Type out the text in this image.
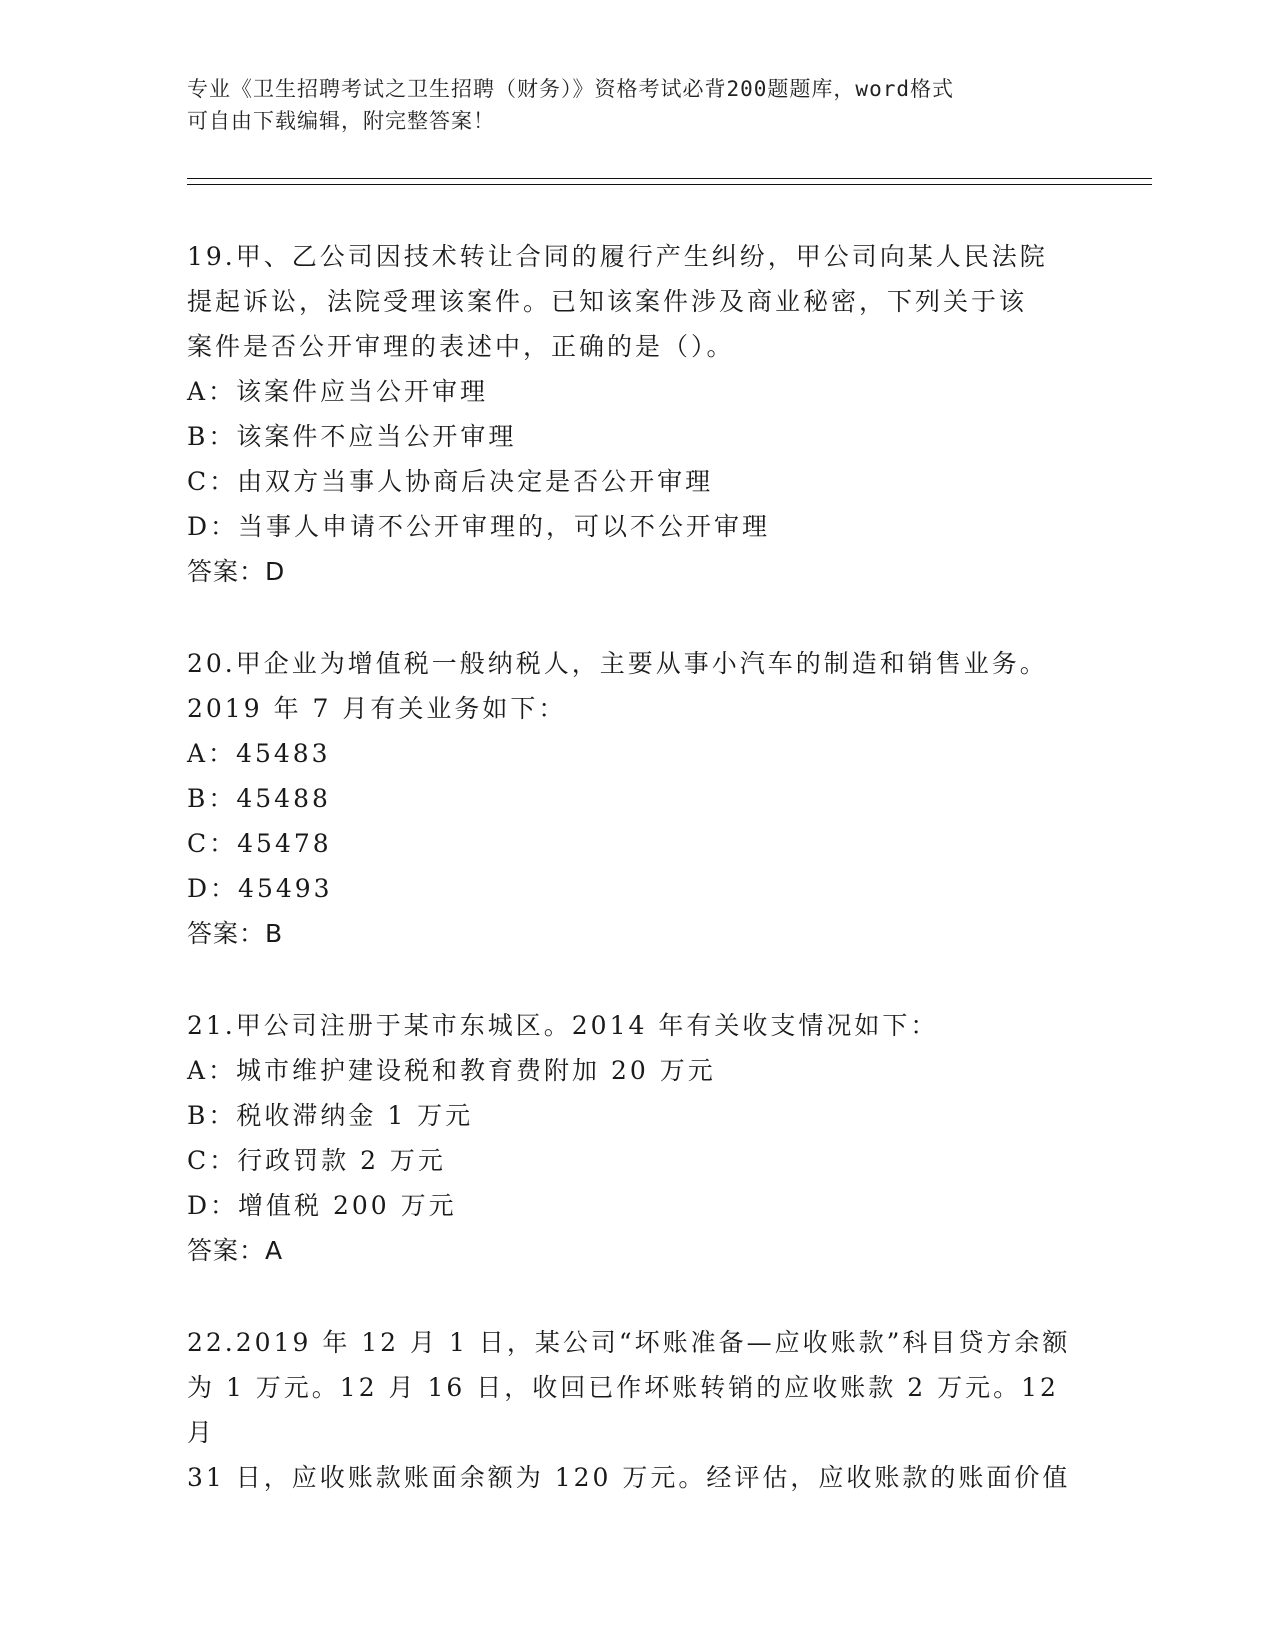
专业《卫生招聘考试之卫生招聘（财务）》资格考试必背200题题库，word格式
可自由下载编辑，附完整答案！
19.甲、乙公司因技术转让合同的履行产生纠纷，甲公司向某人民法院
提起诉讼，法院受理该案件。已知该案件涉及商业秘密，下列关于该
案件是否公开审理的表述中，正确的是（）。
A：该案件应当公开审理
B：该案件不应当公开审理
C：由双方当事人协商后决定是否公开审理
D：当事人申请不公开审理的，可以不公开审理
答案：D
20.甲企业为增值税一般纳税人，主要从事小汽车的制造和销售业务。
2019 年 7 月有关业务如下：
A：45483
B：45488
C：45478
D：45493
答案：B
21.甲公司注册于某市东城区。2014 年有关收支情况如下：
A：城市维护建设税和教育费附加 20 万元
B：税收滞纳金 1 万元
C：行政罚款 2 万元
D：增值税 200 万元
答案：A
22.2019 年 12 月 1 日，某公司“坏账准备—应收账款”科目贷方余额
为 1 万元。12 月 16 日，收回已作坏账转销的应收账款 2 万元。12 月
31 日，应收账款账面余额为 120 万元。经评估，应收账款的账面价值
